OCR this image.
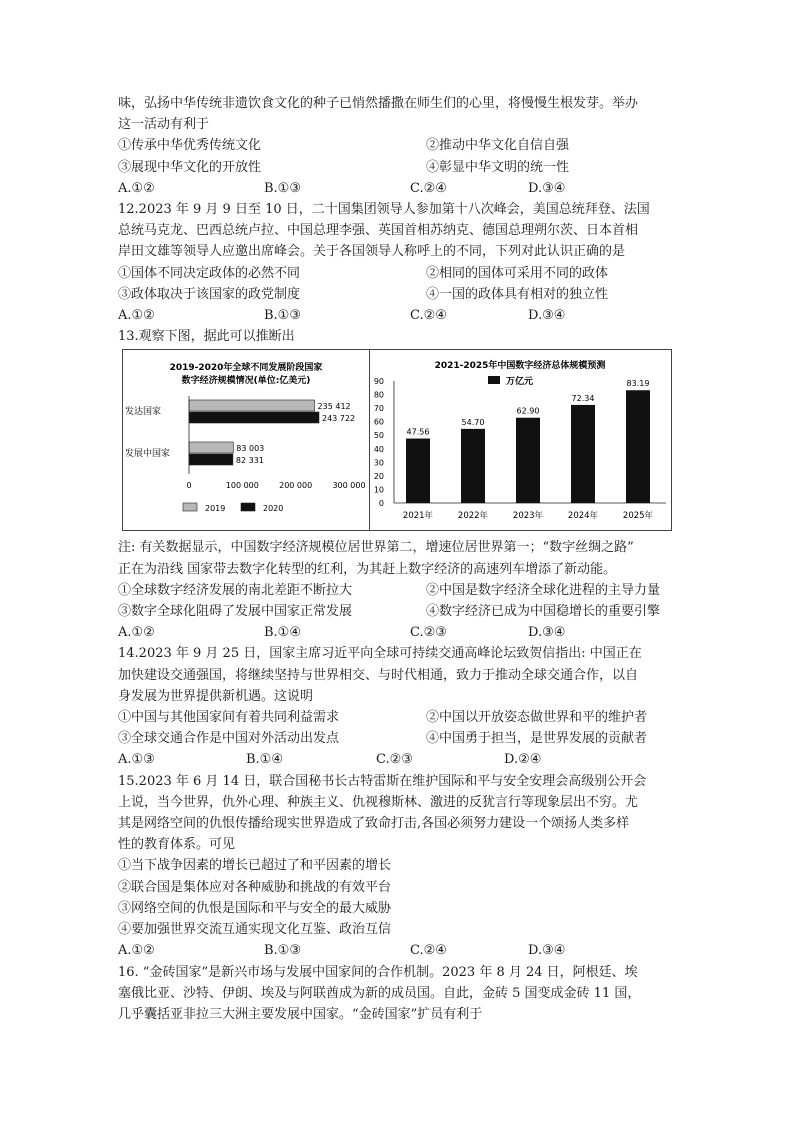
味，弘扬中华传统非遗饮食文化的种子已悄然播撒在师生们的心里，将慢慢生根发芽。举办

这一活动有利于

①传承中华优秀传统文化	②推动中华文化自信自强
③展现中华文化的开放性	④彰显中华文明的统一性
A.①②	B.①③	C.②④	D.③④

12.2023 年 9 月 9 日至 10 日，二十国集团领导人参加第十八次峰会，美国总统拜登、法国

总统马克龙、巴西总统卢拉、中国总理李强、英国首相苏纳克、德国总理朔尔茨、日本首相

岸田文雄等领导人应邀出席峰会。关于各国领导人称呼上的不同，下列对此认识正确的是

①国体不同决定政体的必然不同	②相同的国体可采用不同的政体
③政体取决于该国家的政党制度	④一国的政体具有相对的独立性
A.①②	B.①③	C.②④	D.③④

13.观察下图，据此可以推断出

2019-2020年全球不同发展阶段国家
数字经济规模情况(单位:亿美元)
发达国家
235 412
243 722
发展中国家
83 003
82 331
0	100 000	200 000	300 000
2019	2020
2021-2025年中国数字经济总体规模预测
万亿元
0
10
20
30
40
50
60
70
80
90
47.56
2021年
54.70
2022年
62.90
2023年
72.34
2024年
83.19
2025年

注: 有关数据显示，中国数字经济规模位居世界第二，增速位居世界第一；“数字丝绸之路”

正在为沿线 国家带去数字化转型的红利，为其赶上数字经济的高速列车增添了新动能。

①全球数字经济发展的南北差距不断拉大	②中国是数字经济全球化进程的主导力量
③数字全球化阻碍了发展中国家正常发展	④数字经济已成为中国稳增长的重要引擎
A.①②	B.①④	C.②③	D.③④

14.2023 年 9 月 25 日，国家主席习近平向全球可持续交通高峰论坛致贺信指出: 中国正在

加快建设交通强国，将继续坚持与世界相交、与时代相通，致力于推动全球交通合作，以自

身发展为世界提供新机遇。这说明

①中国与其他国家间有着共同利益需求	②中国以开放姿态做世界和平的维护者
③全球交通合作是中国对外活动出发点	④中国勇于担当，是世界发展的贡献者
A.①③	B.①④	C.②③	D.②④

15.2023 年 6 月 14 日，联合国秘书长古特雷斯在维护国际和平与安全安理会高级别公开会

上说，当今世界，仇外心理、种族主义、仇视穆斯林、激进的反犹言行等现象层出不穷。尤

其是网络空间的仇恨传播给现实世界造成了致命打击,各国必须努力建设一个颂扬人类多样

性的教育体系。可见

①当下战争因素的增长已超过了和平因素的增长

②联合国是集体应对各种威胁和挑战的有效平台

③网络空间的仇恨是国际和平与安全的最大威胁

④要加强世界交流互通实现文化互鉴、政治互信

A.①②	B.①③	C.②④	D.③④

16. “金砖国家”是新兴市场与发展中国家间的合作机制。2023 年 8 月 24 日，阿根廷、埃

塞俄比亚、沙特、伊朗、埃及与阿联酋成为新的成员国。自此，金砖 5 国变成金砖 11 国，

几乎囊括亚非拉三大洲主要发展中国家。“金砖国家”扩员有利于
